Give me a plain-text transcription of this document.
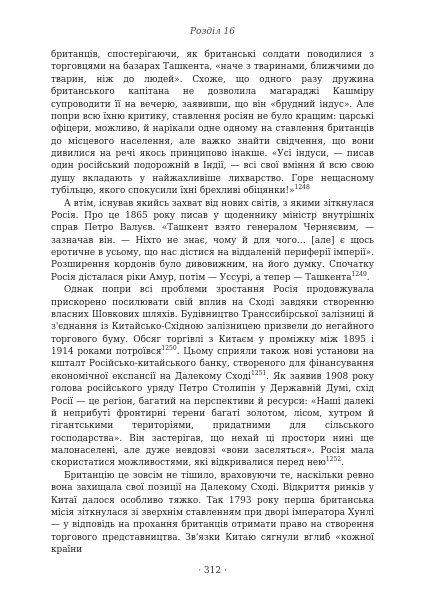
Розділ 16

британців, спостерігаючи, як британські солдати поводилися з торговцями на базарах Ташкента, «наче з тваринами, ближчими до тварин, ніж до людей». Схоже, що одного разу дружина британського капітана не дозволила магараджі Кашміру супроводити її на вечерю, заявивши, що він «брудний індус». Але попри всю їхню критику, ставлення росіян не було кращим: царські офіцери, можливо, й нарікали одне одному на ставлення британців до місцевого населення, але важко знайти свідчення, що вони дивилися на речі якось принципово інакше. «Усі індуси, — писав один російський подорожній в Індії, — всі свої вміння й всю свою душу вкладають у найжахливіше лихварство. Горе нещасному тубільцю, якого спокусили їхні брехливі обіцянки!»$^{1248}$

А втім, існував якийсь захват від нових світів, з якими зіткнулася Росія. Про це 1865 року писав у щоденнику міністр внутрішніх справ Петро Валуєв. «Ташкент взято генералом Черняєвим, — зазначав він. — Ніхто не знає, чому й для чого… [але] є щось еротичне в усьому, що нас дістися на віддаленій периферії імперії». Розширення кордонів було дивовижним, на його думку. Спочатку Росія дісталася ріки Амур, потім — Уссурі, а тепер — Ташкента$^{1249}$.

Однак попри всі проблеми зростання Росія продовжувала прискорено посилювати свій вплив на Сході завдяки створенню власних Шовкових шляхів. Будівництво Транссибірської залізниці й з'єднання із Китайсько-Східною залізницею призвели до негайного торгового буму. Обсяг торгівлі з Китаєм у проміжку між 1895 і 1914 роками потроївся$^{1250}$. Цьому сприяли також нові установи на кшталт Російсько-китайського банку, створеного для фінансування економічної експансії на Далекому Сході$^{1251}$. Як заявив 1908 року голова російського уряду Петро Столипін у Державній Думі, схід Росії — це регіон, багатий на перспективи й ресурси: «Наші далекі й неприбуті фронтирні терени багаті золотом, лісом, хутром й гігантськими територіями, придатними для сільського господарства». Він застерігав, що нехай ці простори нині ще малонаселені, але дуже невдовзі «вони заселяться». Росія мала скористатися можливостями, які відкривалися перед нею$^{1252}$.

Британцію це зовсім не тішило, враховуючи те, наскільки ревно вона захищала свої позиції на Далекому Сході. Відкриття ринків у Китаї далося особливо тяжко. Так 1793 року перша британська місія зіткнулася зі зверхнім ставленням при дворі імператора Хунлі — у відповідь на прохання британців отримати право на створення торгового представництва. Зв'язки Китаю сягнули вглиб «кожної країни

· 312 ·
